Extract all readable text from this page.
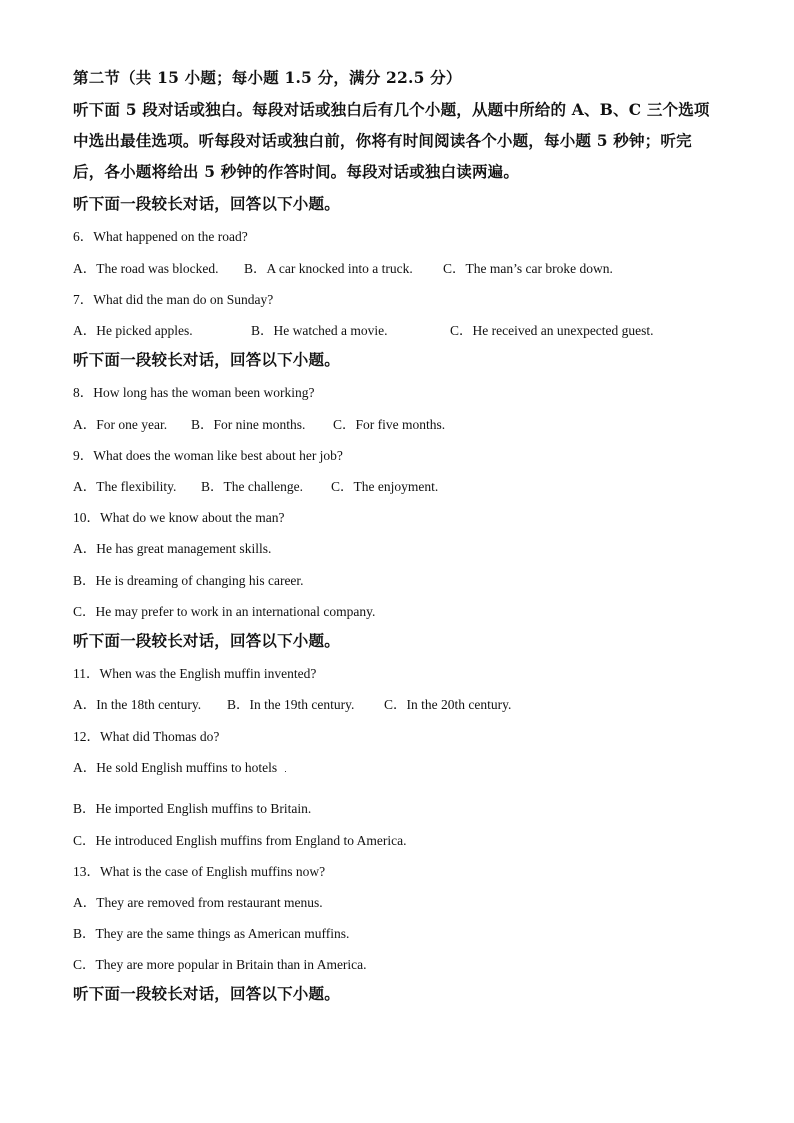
第二节（共 15 小题；每小题 1.5 分，满分 22.5 分）
听下面 5 段对话或独白。每段对话或独白后有几个小题，从题中所给的 A、B、C 三个选项
中选出最佳选项。听每段对话或独白前，你将有时间阅读各个小题，每小题 5 秒钟；听完
后，各小题将给出 5 秒钟的作答时间。每段对话或独白读两遍。
听下面一段较长对话，回答以下小题。
6．What happened on the road?
A．The road was blocked. B．A car knocked into a truck. C．The man’s car broke down.
7．What did the man do on Sunday?
A．He picked apples.	B．He watched a movie.	C．He received an unexpected guest.
听下面一段较长对话，回答以下小题。
8．How long has the woman been working?
A．For one year. B．For nine months. C．For five months.
9．What does the woman like best about her job?
A．The flexibility. B．The challenge. C．The enjoyment.
10．What do we know about the man?
A．He has great management skills.
B．He is dreaming of changing his career.
C．He may prefer to work in an international company.
听下面一段较长对话，回答以下小题。
11．When was the English muffin invented?
A．In the 18th century. B．In the 19th century. C．In the 20th century.
12．What did Thomas do?
A．He sold English muffins to hotels
B．He imported English muffins to Britain.
C．He introduced English muffins from England to America.
13．What is the case of English muffins now?
A．They are removed from restaurant menus.
B．They are the same things as American muffins.
C．They are more popular in Britain than in America.
听下面一段较长对话，回答以下小题。
